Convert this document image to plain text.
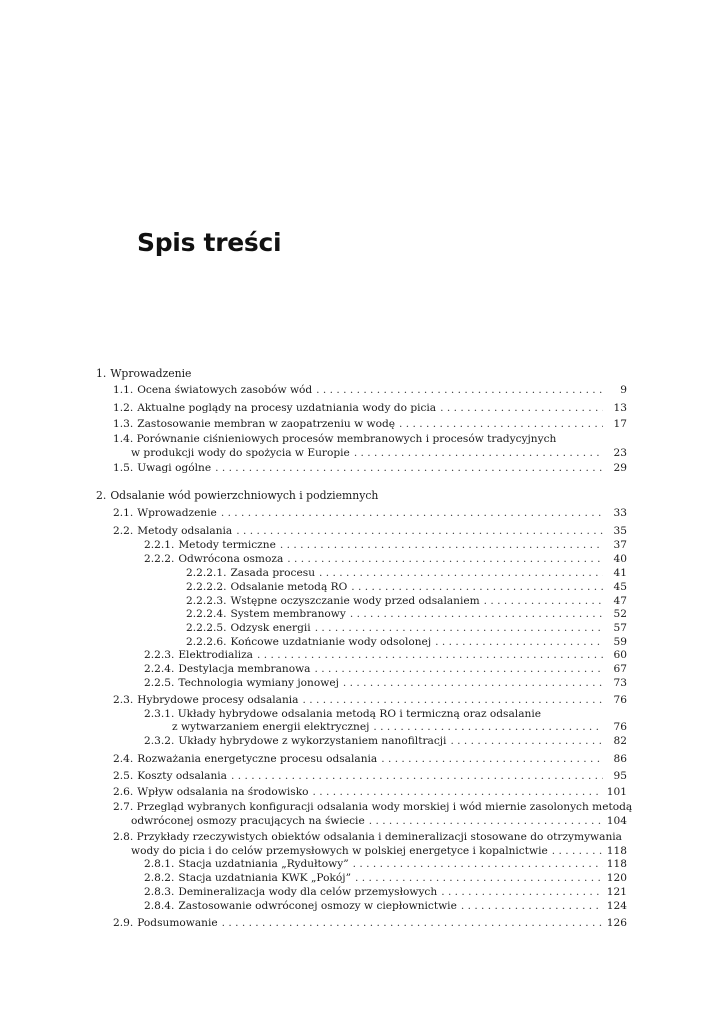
Spis treści
1. Wprowadzenie
1.1. Ocena światowych zasobów wód . . .	9
1.2. Aktualne poglądy na procesy uzdatniania wody do picia . . .	13
1.3. Zastosowanie membran w zaopatrzeniu w wodę . . .	17
1.4. Porównanie ciśnieniowych procesów membranowych i procesów tradycyjnych
w produkcji wody do spożycia w Europie . . .	23
1.5. Uwagi ogólne . . .	29
2. Odsalanie wód powierzchniowych i podziemnych
2.1. Wprowadzenie . . .	33
2.2. Metody odsalania . . .	35
2.2.1. Metody termiczne . . .	37
2.2.2. Odwrócona osmoza . . .	40
2.2.2.1. Zasada procesu . . .	41
2.2.2.2. Odsalanie metodą RO . . .	45
2.2.2.3. Wstępne oczyszczanie wody przed odsalaniem . . .	47
2.2.2.4. System membranowy . . .	52
2.2.2.5. Odzysk energii . . .	57
2.2.2.6. Końcowe uzdatnianie wody odsolonej . . .	59
2.2.3. Elektrodializa . . .	60
2.2.4. Destylacja membranowa . . .	67
2.2.5. Technologia wymiany jonowej . . .	73
2.3. Hybrydowe procesy odsalania . . .	76
2.3.1. Układy hybrydowe odsalania metodą RO i termiczną oraz odsalanie
z wytwarzaniem energii elektrycznej . . .	76
2.3.2. Układy hybrydowe z wykorzystaniem nanofiltracji . . .	82
2.4. Rozważania energetyczne procesu odsalania . . .	86
2.5. Koszty odsalania . . .	95
2.6. Wpływ odsalania na środowisko . . .	101
2.7. Przegląd wybranych konfiguracji odsalania wody morskiej i wód miernie zasolonych metodą
odwróconej osmozy pracujących na świecie . . .	104
2.8. Przykłady rzeczywistych obiektów odsalania i demineralizacji stosowane do otrzymywania
wody do picia i do celów przemysłowych w polskiej energetyce i kopalnictwie . . .	118
2.8.1. Stacja uzdatniania „Rydułtowy” . . .	118
2.8.2. Stacja uzdatniania KWK „Pokój” . . .	120
2.8.3. Demineralizacja wody dla celów przemysłowych . . .	121
2.8.4. Zastosowanie odwróconej osmozy w ciepłownictwie . . .	124
2.9. Podsumowanie . . .	126
